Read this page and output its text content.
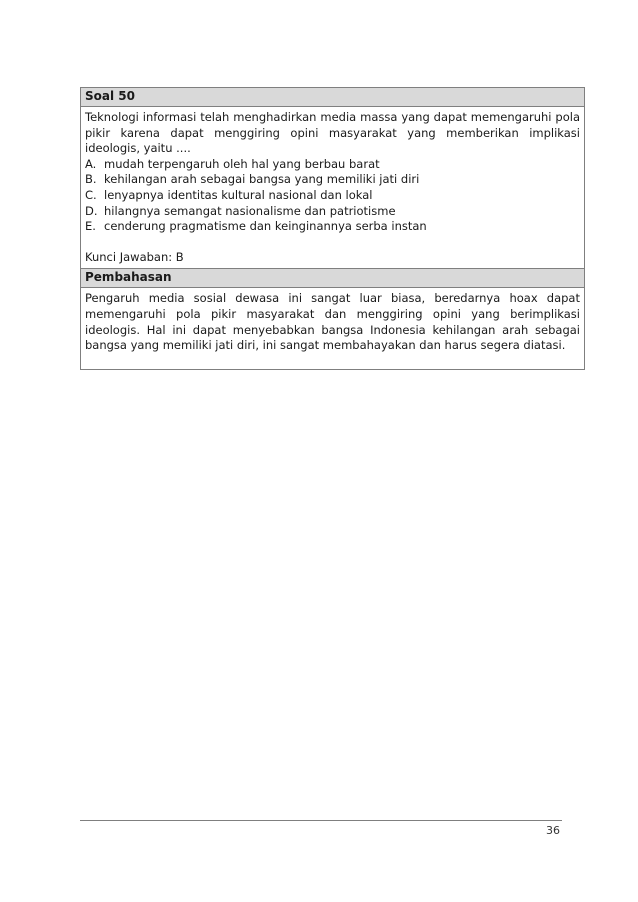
Soal 50

Teknologi informasi telah menghadirkan media massa yang dapat memengaruhi pola pikir karena dapat menggiring opini masyarakat yang memberikan implikasi ideologis, yaitu ....

A. mudah terpengaruh oleh hal yang berbau barat
B. kehilangan arah sebagai bangsa yang memiliki jati diri
C. lenyapnya identitas kultural nasional dan lokal
D. hilangnya semangat nasionalisme dan patriotisme
E. cenderung pragmatisme dan keinginannya serba instan

Kunci Jawaban: B

Pembahasan

Pengaruh media sosial dewasa ini sangat luar biasa, beredarnya hoax dapat memengaruhi pola pikir masyarakat dan menggiring opini yang berimplikasi ideologis. Hal ini dapat menyebabkan bangsa Indonesia kehilangan arah sebagai bangsa yang memiliki jati diri, ini sangat membahayakan dan harus segera diatasi.

36
